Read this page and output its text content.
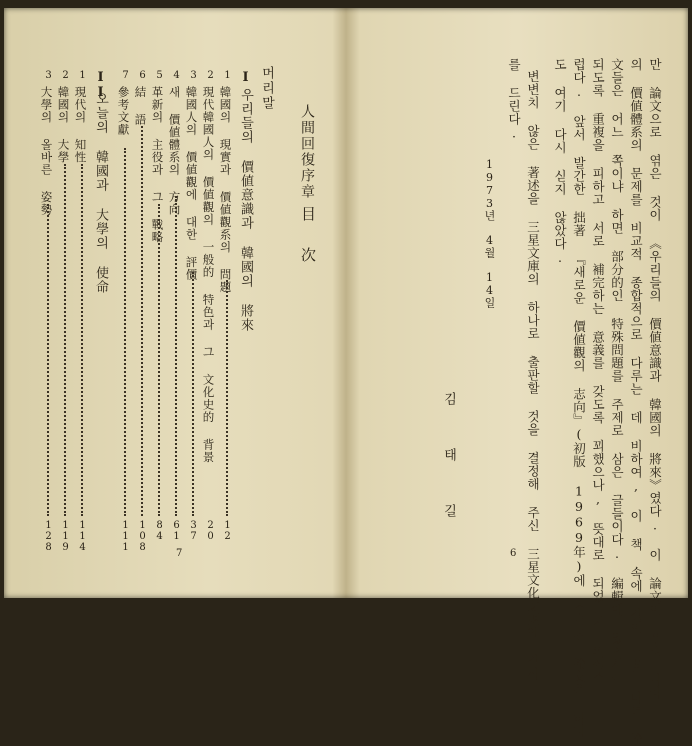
人間回復序章
目 次
머리말
I
우리들의 價値意識과 韓國의 將來
1
韓國의 現實과 價値觀系의 問題
12
2
現代韓國人의 價値觀의 一般的 特色과 그 文化史的 背景
20
3
韓國人의 價値觀에 대한 評價
37
4
새 價値體系의 方向
61
5
革新의 主役과 그 戰略
84
6
結 語
108
7
參考文獻
111
II
오늘의 韓國과 大學의 使命
1
現代의 知性
114
2
韓國의 大學
119
3
大學의 올바른 姿勢
128
7	만 論文으로 엮은 것이 《우리들의 價値意識과 韓國의 將來》였다. 이 論文이 우리 나라
의 價値體系의 문제를 비교적 종합적으로 다루는 데 비하여, 이 책 속에 같이 묶은 다른 論
文들은 어느 쪽이냐 하면 部分的인 特殊問題를 주제로 삼은 글들이다. 編輯에 있어서는
되도록 重複을 피하고 서로 補完하는 意義를 갖도록 꾀했으나, 뜻대로 되었는지 의심스
럽다. 앞서 발간한 拙著 『새로운 價値觀의 志向』(初版 1969年)에 수록된 論文은 하나
도 여기 다시 싣지 않았다.
변변치 않은 著述을 三星文庫의 하나로 출판할 것을 결정해 주신 三星文化財團에 감사
를 드린다.
1973년 4월 14일
김 태 길
6
